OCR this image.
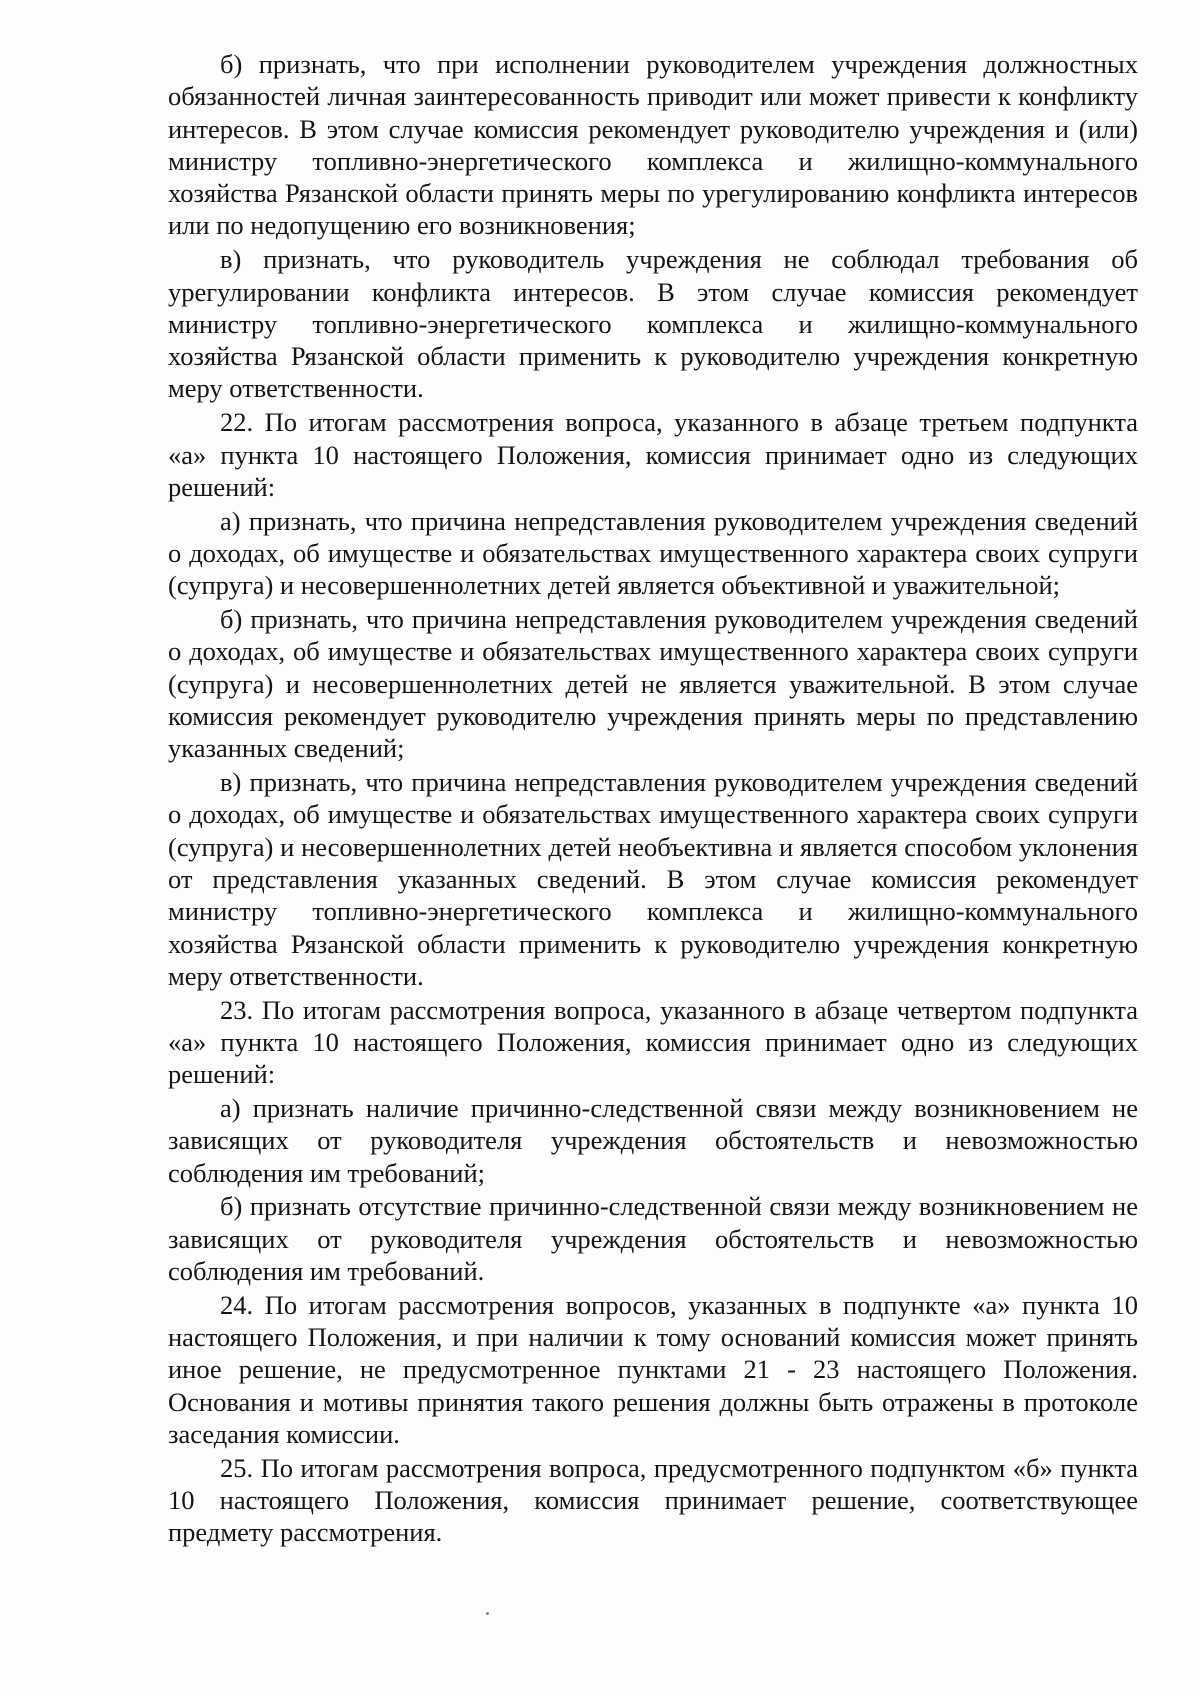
б) признать, что при исполнении руководителем учреждения должностных обязанностей личная заинтересованность приводит или может привести к конфликту интересов. В этом случае комиссия рекомендует руководителю учреждения и (или) министру топливно-энергетического комплекса и жилищно-коммунального хозяйства Рязанской области принять меры по урегулированию конфликта интересов или по недопущению его возникновения;

в) признать, что руководитель учреждения не соблюдал требования об урегулировании конфликта интересов. В этом случае комиссия рекомендует министру топливно-энергетического комплекса и жилищно-коммунального хозяйства Рязанской области применить к руководителю учреждения конкретную меру ответственности.

22. По итогам рассмотрения вопроса, указанного в абзаце третьем подпункта «а» пункта 10 настоящего Положения, комиссия принимает одно из следующих решений:

а) признать, что причина непредставления руководителем учреждения сведений о доходах, об имуществе и обязательствах имущественного характера своих супруги (супруга) и несовершеннолетних детей является объективной и уважительной;

б) признать, что причина непредставления руководителем учреждения сведений о доходах, об имуществе и обязательствах имущественного характера своих супруги (супруга) и несовершеннолетних детей не является уважительной. В этом случае комиссия рекомендует руководителю учреждения принять меры по представлению указанных сведений;

в) признать, что причина непредставления руководителем учреждения сведений о доходах, об имуществе и обязательствах имущественного характера своих супруги (супруга) и несовершеннолетних детей необъективна и является способом уклонения от представления указанных сведений. В этом случае комиссия рекомендует министру топливно-энергетического комплекса и жилищно-коммунального хозяйства Рязанской области применить к руководителю учреждения конкретную меру ответственности.

23. По итогам рассмотрения вопроса, указанного в абзаце четвертом подпункта «а» пункта 10 настоящего Положения, комиссия принимает одно из следующих решений:

а) признать наличие причинно-следственной связи между возникновением не зависящих от руководителя учреждения обстоятельств и невозможностью соблюдения им требований;

б) признать отсутствие причинно-следственной связи между возникновением не зависящих от руководителя учреждения обстоятельств и невозможностью соблюдения им требований.

24. По итогам рассмотрения вопросов, указанных в подпункте «а» пункта 10 настоящего Положения, и при наличии к тому оснований комиссия может принять иное решение, не предусмотренное пунктами 21 - 23 настоящего Положения. Основания и мотивы принятия такого решения должны быть отражены в протоколе заседания комиссии.

25. По итогам рассмотрения вопроса, предусмотренного подпунктом «б» пункта 10 настоящего Положения, комиссия принимает решение, соответствующее предмету рассмотрения.
